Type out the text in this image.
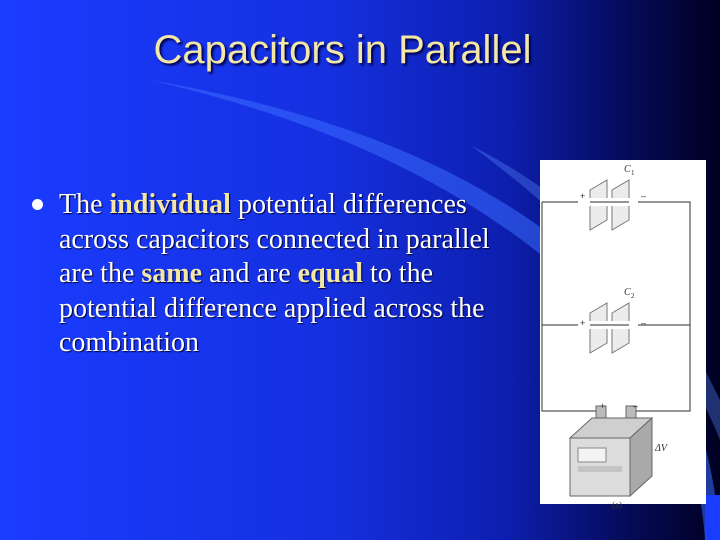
Capacitors in Parallel
The individual potential differences across capacitors connected in parallel are the same and are equal to the potential difference applied across the combination
C 1
+	–
C 2
+	–
+	–
ΔV
(a)
